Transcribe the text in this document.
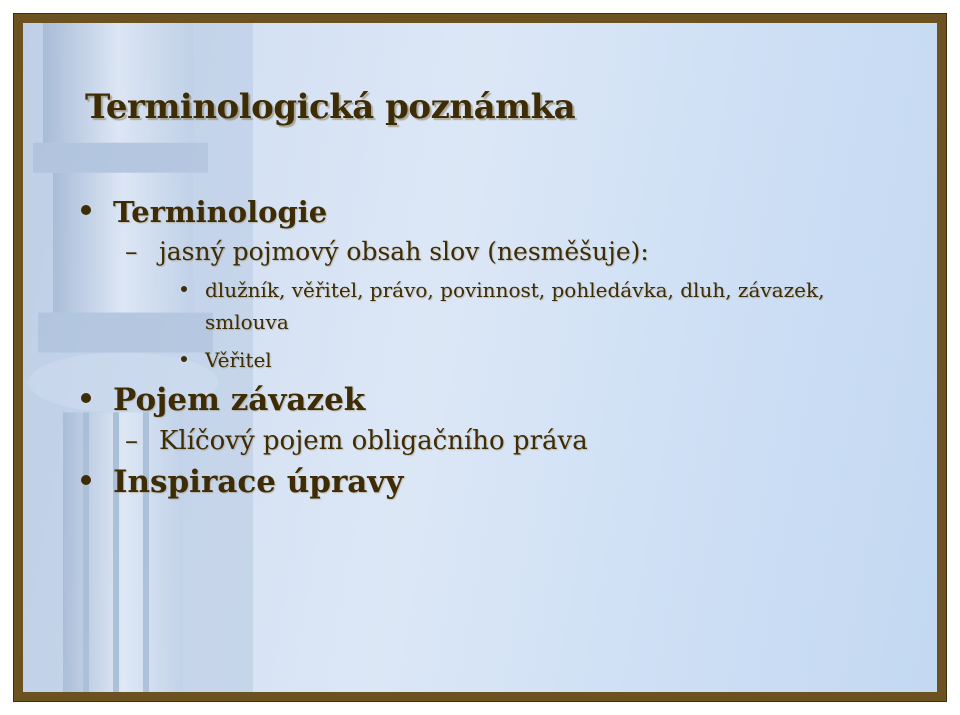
Terminologická poznámka
Terminologie
– jasný pojmový obsah slov (nesměšuje):
dlužník, věřitel, právo, povinnost, pohledávka, dluh, závazek, smlouva
Věřitel
Pojem závazek
– Klíčový pojem obligačního práva
Inspirace úpravy
